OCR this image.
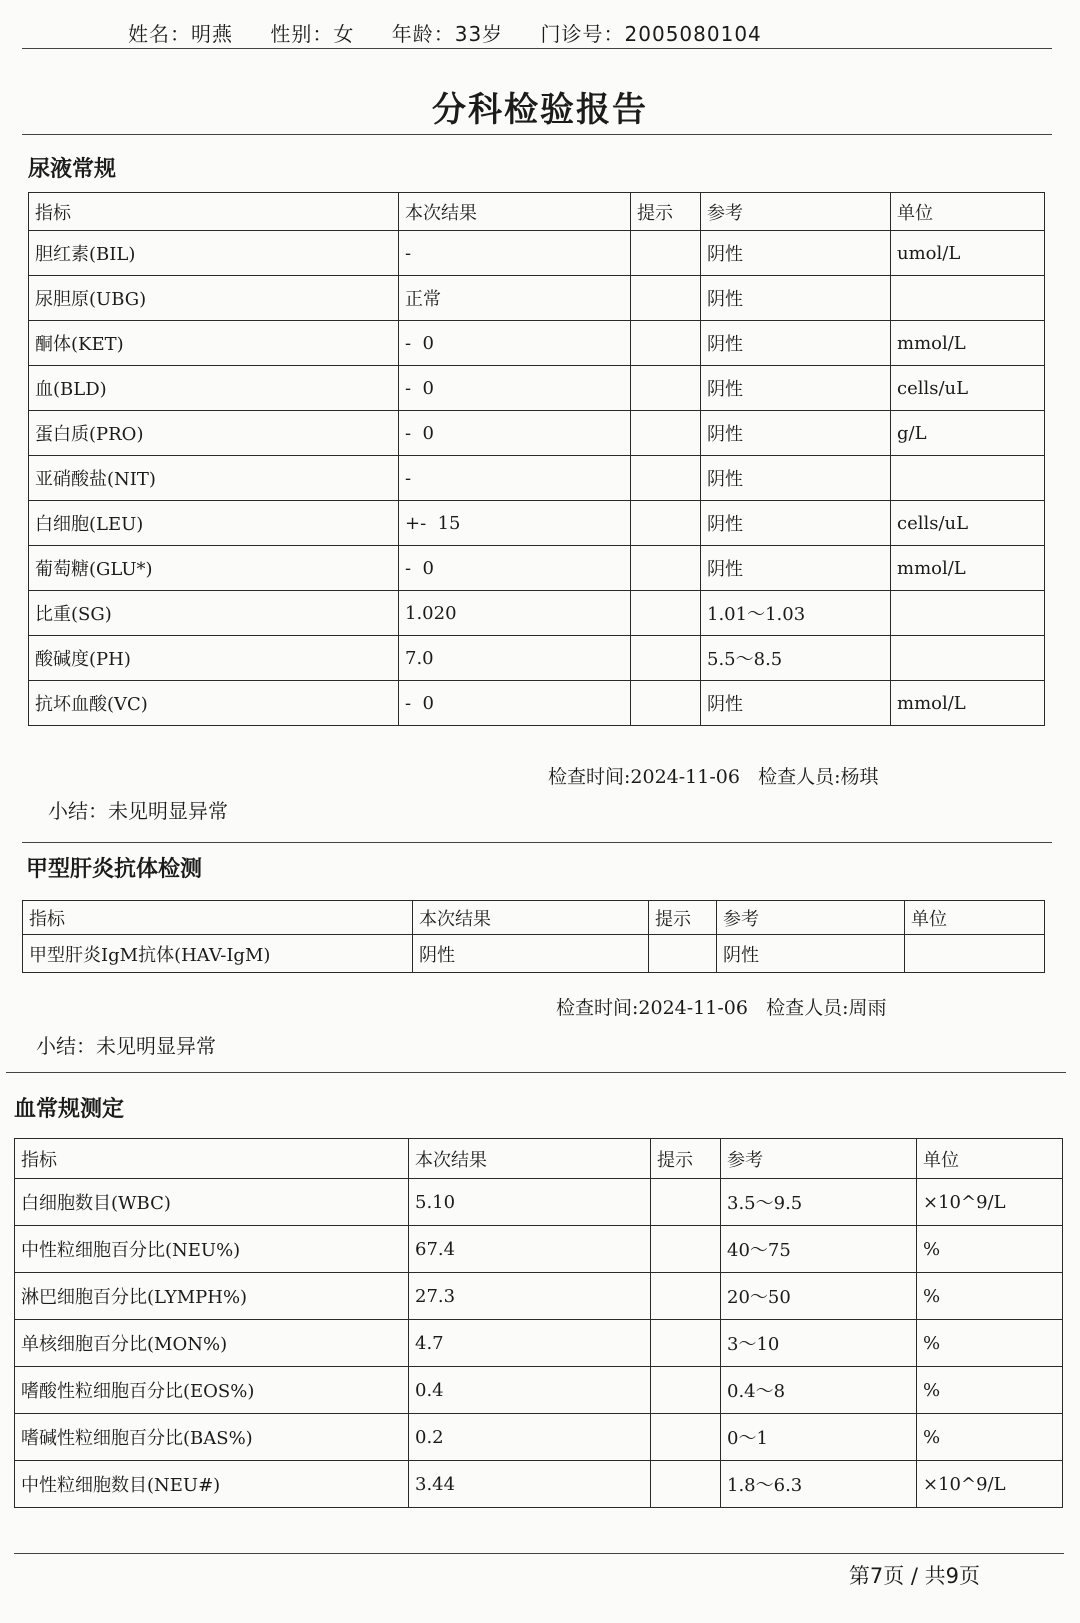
姓名：明燕 性别：女 年龄：33岁 门诊号：2005080104
分科检验报告
尿液常规
指标	本次结果	提示	参考	单位
胆红素(BIL)	-		阴性	umol/L
尿胆原(UBG)	正常		阴性	
酮体(KET)	-  0		阴性	mmol/L
血(BLD)	-  0		阴性	cells/uL
蛋白质(PRO)	-  0		阴性	g/L
亚硝酸盐(NIT)	-		阴性	
白细胞(LEU)	+-  15		阴性	cells/uL
葡萄糖(GLU*)	-  0		阴性	mmol/L
比重(SG)	1.020		1.01～1.03	
酸碱度(PH)	7.0		5.5～8.5	
抗坏血酸(VC)	-  0		阴性	mmol/L
检查时间:2024-11-06 检查人员:杨琪
小结：未见明显异常
甲型肝炎抗体检测
指标	本次结果	提示	参考	单位
甲型肝炎IgM抗体(HAV-IgM)	阴性		阴性	
检查时间:2024-11-06 检查人员:周雨
小结：未见明显异常
血常规测定
指标	本次结果	提示	参考	单位
白细胞数目(WBC)	5.10		3.5～9.5	×10^9/L
中性粒细胞百分比(NEU%)	67.4		40～75	%
淋巴细胞百分比(LYMPH%)	27.3		20～50	%
单核细胞百分比(MON%)	4.7		3～10	%
嗜酸性粒细胞百分比(EOS%)	0.4		0.4～8	%
嗜碱性粒细胞百分比(BAS%)	0.2		0～1	%
中性粒细胞数目(NEU#)	3.44		1.8～6.3	×10^9/L
第7页 / 共9页
